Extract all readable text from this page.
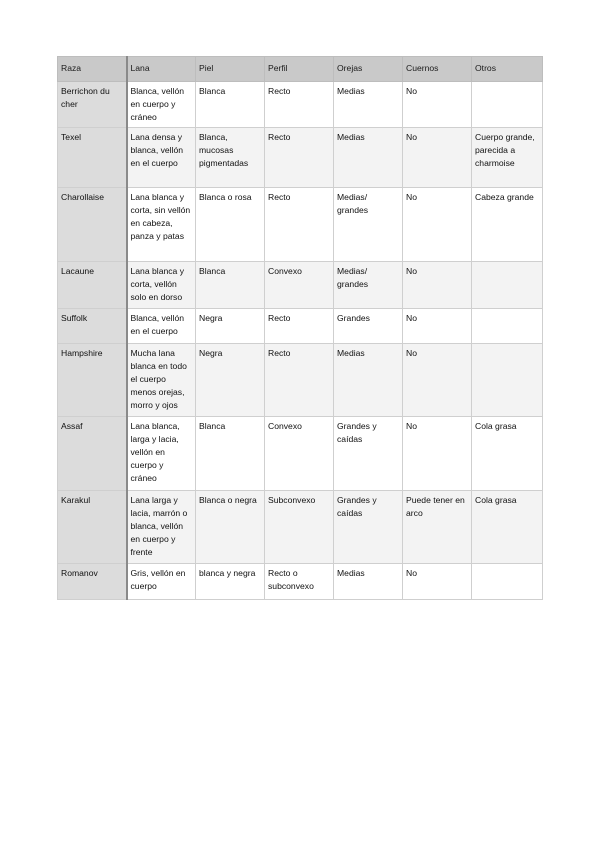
Raza	Lana	Piel	Perfil	Orejas	Cuernos	Otros
Berrichon du cher	Blanca, vellón en cuerpo y cráneo	Blanca	Recto	Medias	No	
Texel	Lana densa y blanca, vellón en el cuerpo	Blanca, mucosas pigmentadas	Recto	Medias	No	Cuerpo grande, parecida a charmoise
Charollaise	Lana blanca y corta, sin vellón en cabeza, panza y patas	Blanca o rosa	Recto	Medias/ grandes	No	Cabeza grande
Lacaune	Lana blanca y corta, vellón solo en dorso	Blanca	Convexo	Medias/ grandes	No	
Suffolk	Blanca, vellón en el cuerpo	Negra	Recto	Grandes	No	
Hampshire	Mucha lana blanca en todo el cuerpo menos orejas, morro y ojos	Negra	Recto	Medias	No	
Assaf	Lana blanca, larga y lacia, vellón en cuerpo y cráneo	Blanca	Convexo	Grandes y caídas	No	Cola grasa
Karakul	Lana larga y lacia, marrón o blanca, vellón en cuerpo y frente	Blanca o negra	Subconvexo	Grandes y caídas	Puede tener en arco	Cola grasa
Romanov	Gris, vellón en cuerpo	blanca y negra	Recto o subconvexo	Medias	No	
